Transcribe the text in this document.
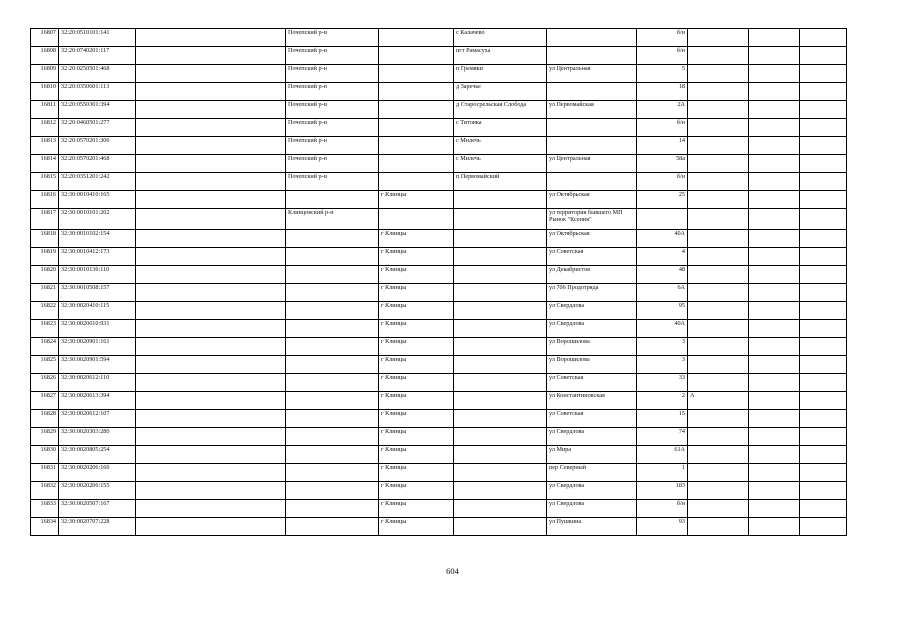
16807	32:20:0510101:141		Почепский р-н		с Калачево		б/н			
16808	32:20:0740201:117		Почепский р-н		пгт Рамасуха		б/н			
16809	32:20:0250501:468		Почепский р-н		п Гремяки	ул Центральная	5			
16810	32:20:0350601:113		Почепский р-н		д Заречье		18			
16811	32:20:0550301:394		Почепский р-н		д Старосрельская Слобода	ул Первомайская	2А			
16812	32:20:0460501:277		Почепский р-н		с Титовка		б/н			
16813	32:20:0570201:306		Почепский р-н		с Милечь		14			
16814	32:20:0570201:468		Почепский р-н		с Милечь	ул Центральная	58а			
16815	32:20:0351201:242		Почепский р-н		п Первомайский		б/н			
16816	32:30:0010410:165			г Клинцы		ул Октябрьская	25			
16817	32:30:0010101:202		Клинцовский р-н			ул территория бывшего МП Рынок "Ксения"				
16818	32:30:0010102:154			г Клинцы		ул Октябрьская	40А			
16819	32:30:0010412:173			г Клинцы		ул Советская	4			
16820	32:30:0010136:110			г Клинцы		ул Декабристов	48			
16821	32:30:0010508:157			г Клинцы		ул 706 Продотряда	6А			
16822	32:30:0020410:115			г Клинцы		ул Свердлова	95			
16823	32:30:0020610:931			г Клинцы		ул Свердлова	40А			
16824	32:30:0020901:161			г Клинцы		ул Ворошилова	3			
16825	32:30:0020901:594			г Клинцы		ул Ворошилова	3			
16826	32:30:0020612:110			г Клинцы		ул Советская	33			
16827	32:30:0020613:394			г Клинцы		ул Константиновская	2	А		
16828	32:30:0020612:107			г Клинцы		ул Советская	15			
16829	32:30:0020303:280			г Клинцы		ул Свердлова	74			
16830	32:30:0020805:254			г Клинцы		ул Мира	61А			
16831	32:30:0020206:160			г Клинцы		пер Северный	1			
16832	32:30:0020206:155			г Клинцы		ул Свердлова	183			
16833	32:30:0020507:167			г Клинцы		ул Свердлова	б/н			
16834	32:30:0020707:228			г Клинцы		ул Пушкина	93			
604
